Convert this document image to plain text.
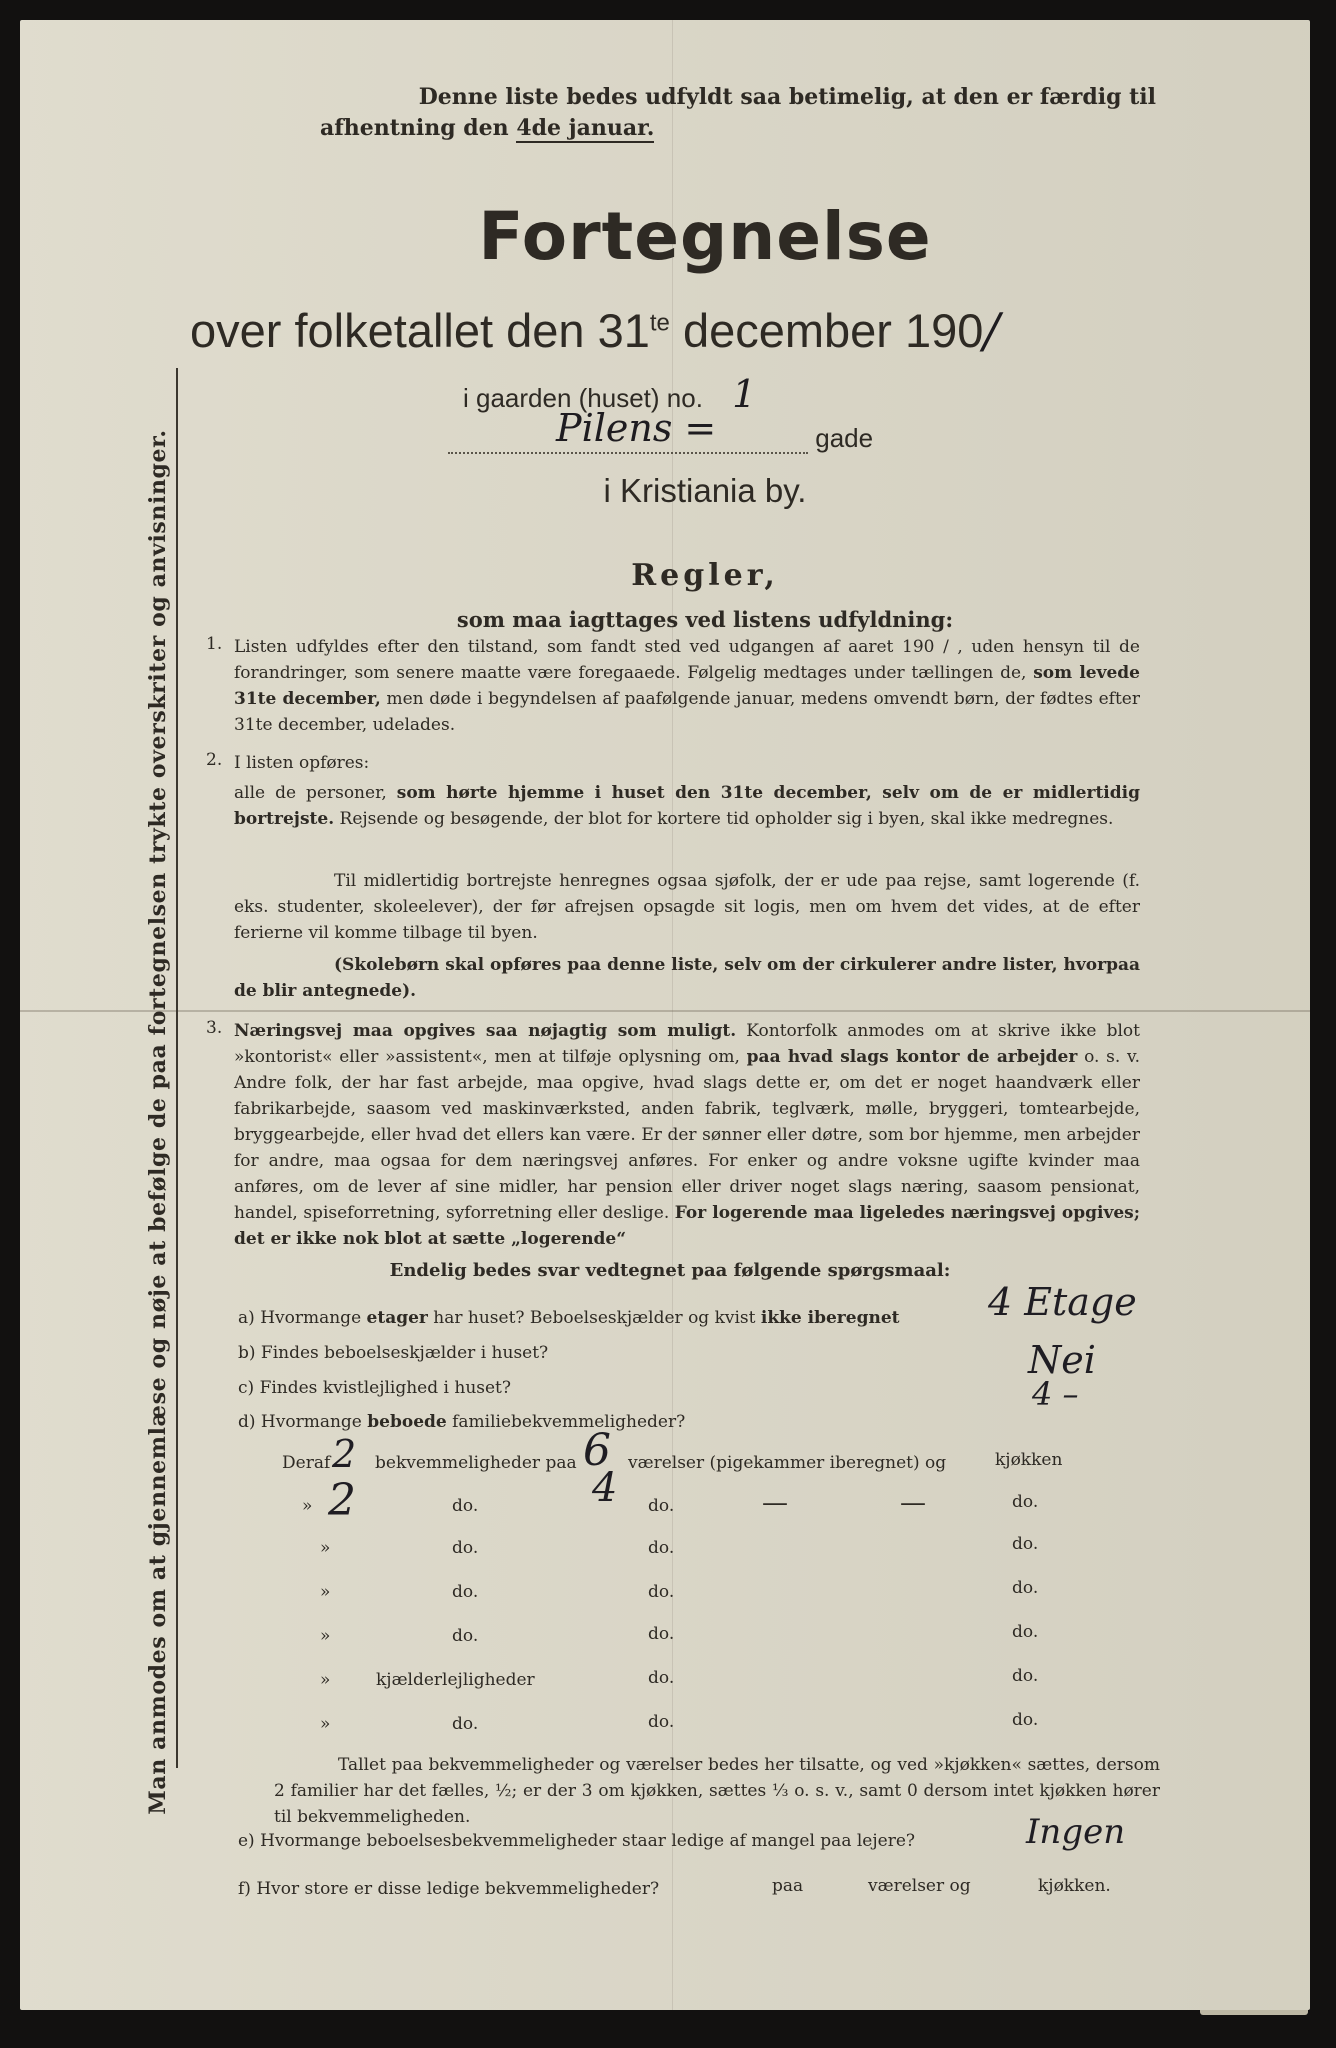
Man anmodes om at gjennemlæse og nøje at befølge de paa fortegnelsen trykte overskriter og anvisninger.
Denne liste bedes udfyldt saa betimelig, at den er færdig til
afhentning den 4de januar.
Fortegnelse
over folketallet den $31^{te}$ december 190/
i gaarden (huset) no. 1
Pilens =	gade
i Kristiania by.
Regler,
som maa iagttages ved listens udfyldning:
1. Listen udfyldes efter den tilstand, som fandt sted ved udgangen af aaret 190 / , uden hensyn til de forandringer, som senere maatte være foregaaede. Følgelig medtages under tællingen de, som levede 31te december, men døde i begyndelsen af paafølgende januar, medens omvendt børn, der fødtes efter 31te december, udelades.
2. I listen opføres:
alle de personer, som hørte hjemme i huset den 31te december, selv om de er midlertidig bortrejste. Rejsende og besøgende, der blot for kortere tid opholder sig i byen, skal ikke medregnes.
Til midlertidig bortrejste henregnes ogsaa sjøfolk, der er ude paa rejse, samt logerende (f. eks. studenter, skoleelever), der før afrejsen opsagde sit logis, men om hvem det vides, at de efter ferierne vil komme tilbage til byen.
(Skolebørn skal opføres paa denne liste, selv om der cirkulerer andre lister, hvorpaa de blir antegnede).
3. Næringsvej maa opgives saa nøjagtig som muligt. Kontorfolk anmodes om at skrive ikke blot »kontorist« eller »assistent«, men at tilføje oplysning om, paa hvad slags kontor de arbejder o. s. v. Andre folk, der har fast arbejde, maa opgive, hvad slags dette er, om det er noget haandværk eller fabrikarbejde, saasom ved maskinværksted, anden fabrik, teglværk, mølle, bryggeri, tomtearbejde, bryggearbejde, eller hvad det ellers kan være. Er der sønner eller døtre, som bor hjemme, men arbejder for andre, maa ogsaa for dem næringsvej anføres. For enker og andre voksne ugifte kvinder maa anføres, om de lever af sine midler, har pension eller driver noget slags næring, saasom pensionat, handel, spiseforretning, syforretning eller deslige. For logerende maa ligeledes næringsvej opgives; det er ikke nok blot at sætte „logerende“
Endelig bedes svar vedtegnet paa følgende spørgsmaal:
a) Hvormange etager har huset? Beboelseskjælder og kvist ikke iberegnet 4 Etage
b) Findes beboelseskjælder i huset?	Nei
c) Findes kvistlejlighed i huset?	4 –
d) Hvormange beboede familiebekvemmeligheder?
Deraf 2 bekvemmeligheder paa 6 værelser (pigekammer iberegnet) og	kjøkken
» 2	do.	4 do.	—	—	do.
»	do.	do.	do.
»	do.	do.	do.
»	do.	do.	do.
»	kjælderlejligheder	do.	do.
»	do.	do.	do.
Tallet paa bekvemmeligheder og værelser bedes her tilsatte, og ved »kjøkken« sættes, dersom 2 familier har det fælles, ½; er der 3 om kjøkken, sættes ⅓ o. s. v., samt 0 dersom intet kjøkken hører til bekvemmeligheden.
e) Hvormange beboelsesbekvemmeligheder staar ledige af mangel paa lejere?	Ingen
f) Hvor store er disse ledige bekvemmeligheder?	paa	værelser og	kjøkken.
